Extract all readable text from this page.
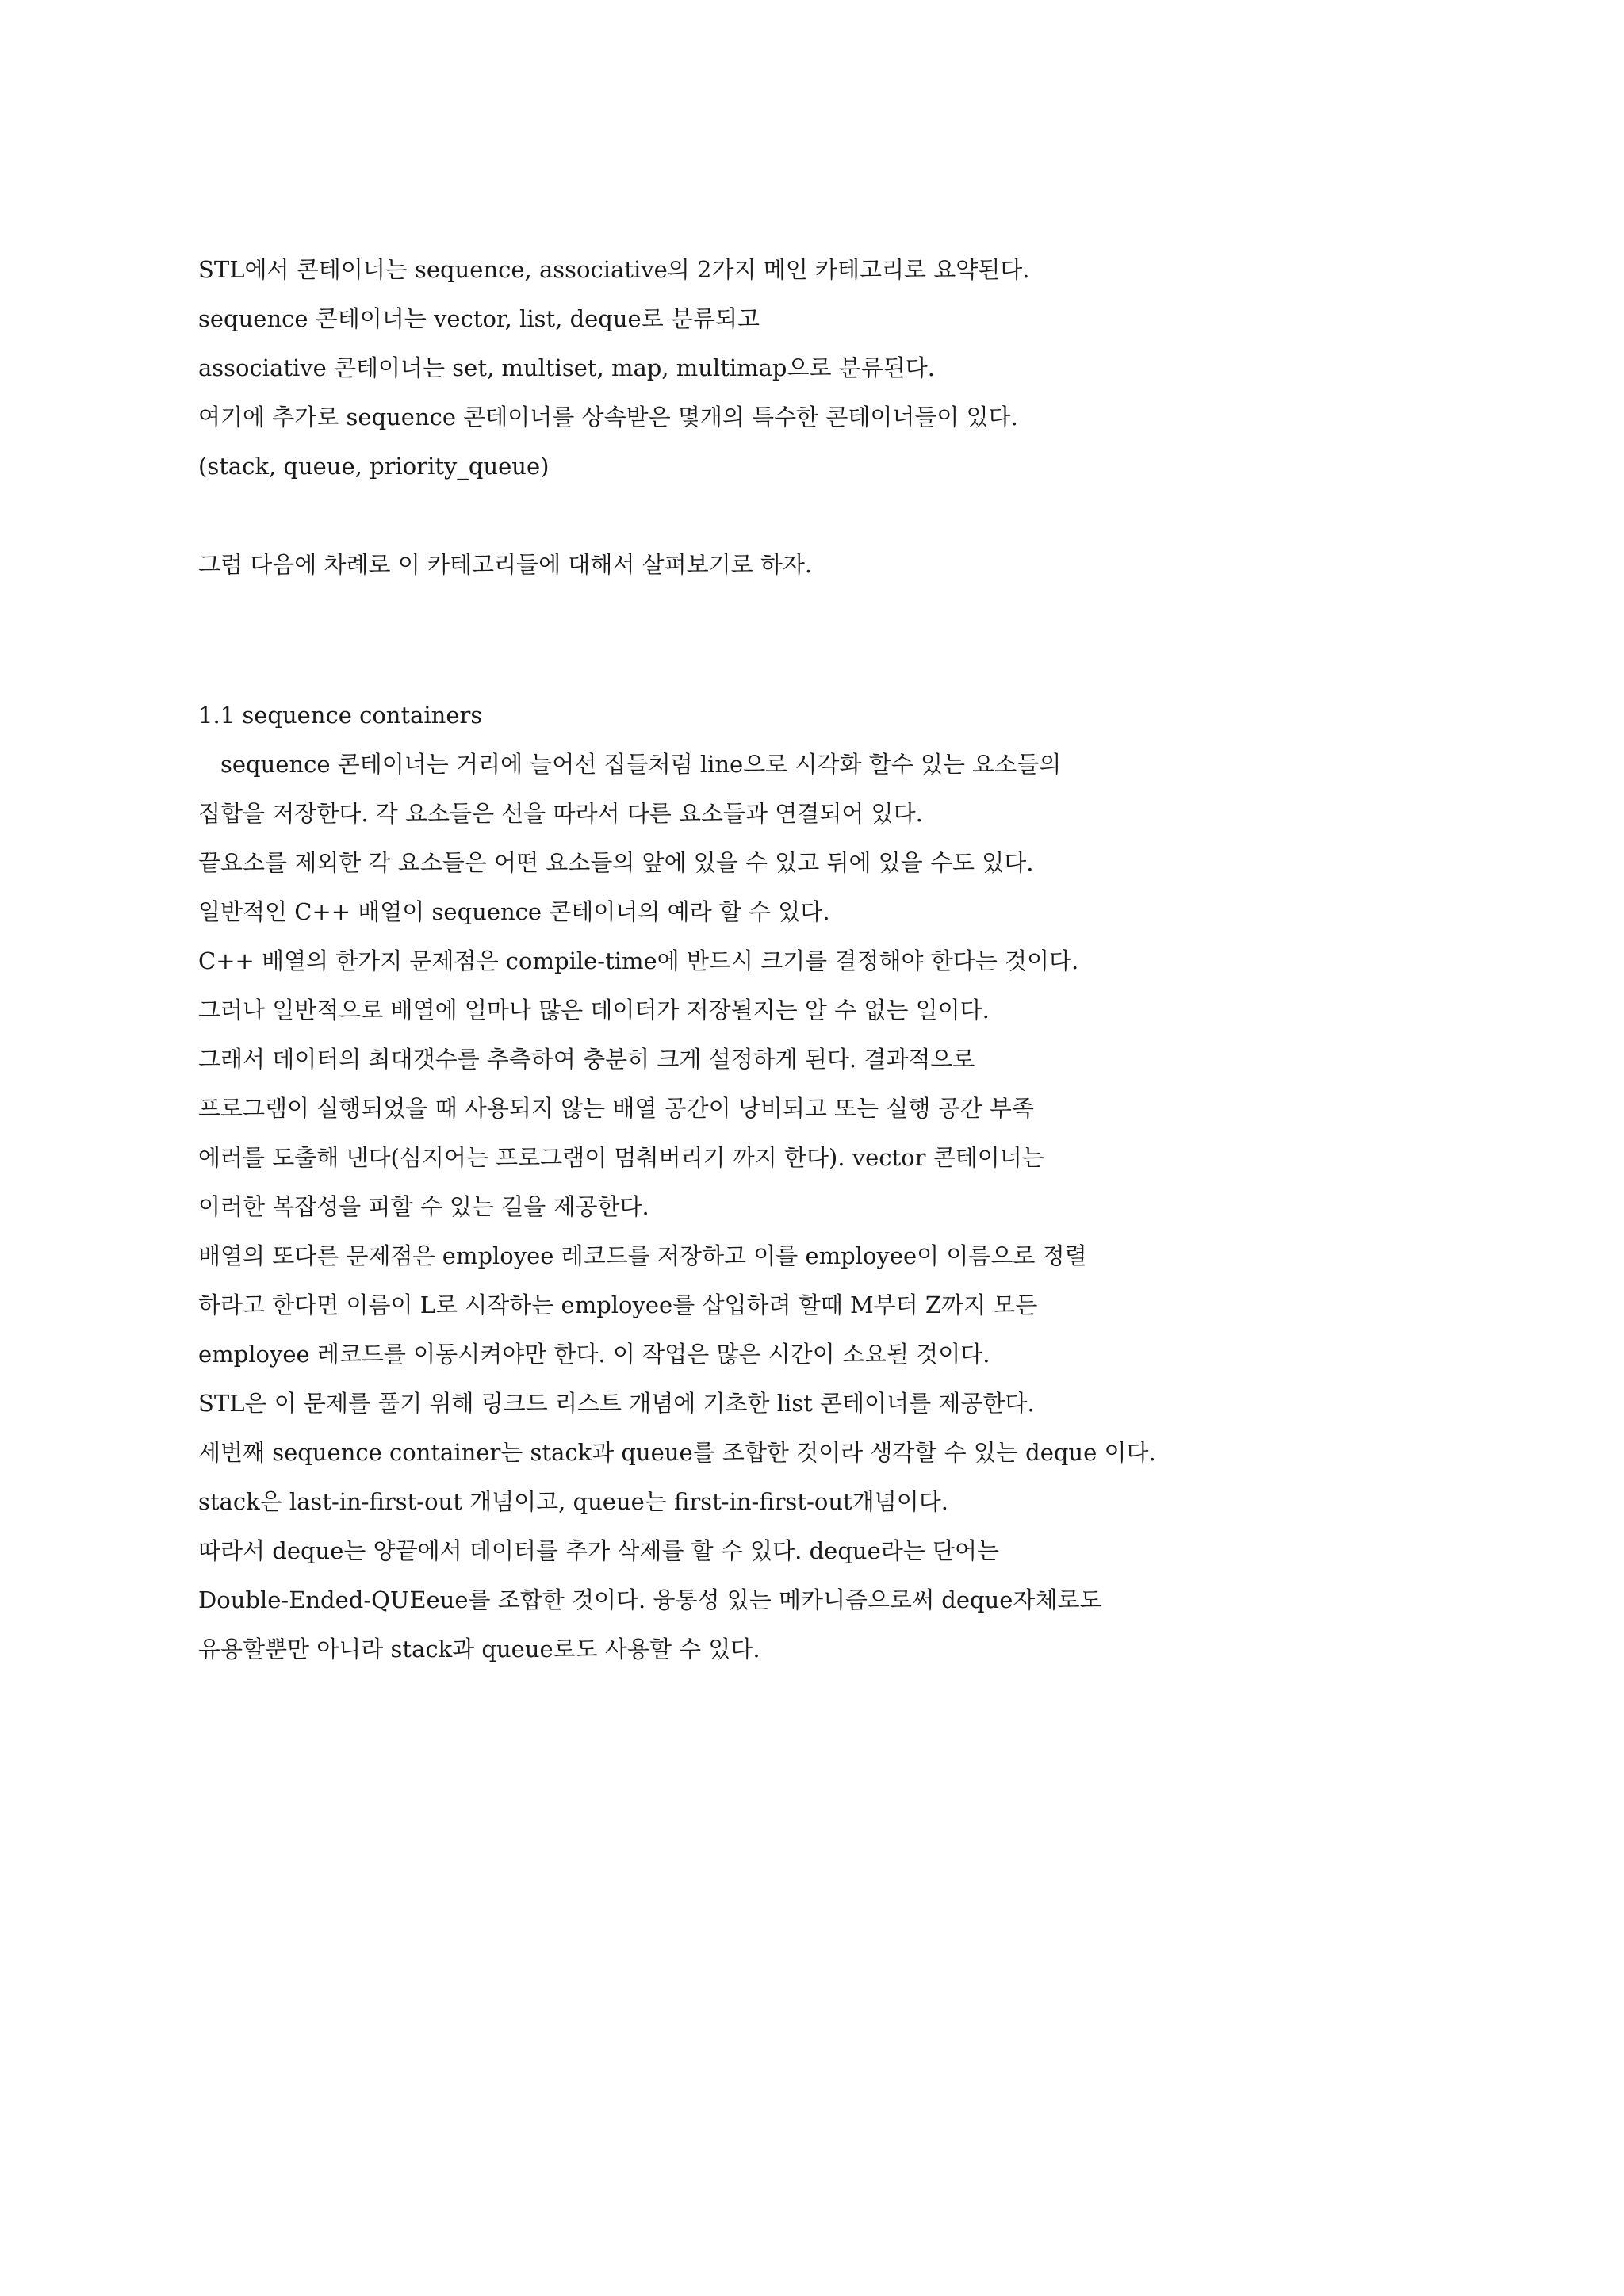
STL에서 콘테이너는 sequence, associative의 2가지 메인 카테고리로 요약된다.

sequence 콘테이너는 vector, list, deque로 분류되고

associative 콘테이너는 set, multiset, map, multimap으로 분류된다.

여기에 추가로 sequence 콘테이너를 상속받은 몇개의 특수한 콘테이너들이 있다.

(stack, queue, priority_queue)

그럼 다음에 차례로 이 카테고리들에 대해서 살펴보기로 하자.

1.1 sequence containers

sequence 콘테이너는 거리에 늘어선 집들처럼 line으로 시각화 할수 있는 요소들의

집합을 저장한다. 각 요소들은 선을 따라서 다른 요소들과 연결되어 있다.

끝요소를 제외한 각 요소들은 어떤 요소들의 앞에 있을 수 있고 뒤에 있을 수도 있다.

일반적인 C++ 배열이 sequence 콘테이너의 예라 할 수 있다.

C++ 배열의 한가지 문제점은 compile-time에 반드시 크기를 결정해야 한다는 것이다.

그러나 일반적으로 배열에 얼마나 많은 데이터가 저장될지는 알 수 없는 일이다.

그래서 데이터의 최대갯수를 추측하여 충분히 크게 설정하게 된다. 결과적으로

프로그램이 실행되었을 때 사용되지 않는 배열 공간이 낭비되고 또는 실행 공간 부족

에러를 도출해 낸다(심지어는 프로그램이 멈춰버리기 까지 한다). vector 콘테이너는

이러한 복잡성을 피할 수 있는 길을 제공한다.

배열의 또다른 문제점은 employee 레코드를 저장하고 이를 employee이 이름으로 정렬

하라고 한다면 이름이 L로 시작하는 employee를 삽입하려 할때 M부터 Z까지 모든

employee 레코드를 이동시켜야만 한다. 이 작업은 많은 시간이 소요될 것이다.

STL은 이 문제를 풀기 위해 링크드 리스트 개념에 기초한 list 콘테이너를 제공한다.

세번째 sequence container는 stack과 queue를 조합한 것이라 생각할 수 있는 deque 이다.

stack은 last-in-first-out 개념이고, queue는 first-in-first-out개념이다.

따라서 deque는 양끝에서 데이터를 추가 삭제를 할 수 있다. deque라는 단어는

Double-Ended-QUEeue를 조합한 것이다. 융통성 있는 메카니즘으로써 deque자체로도

유용할뿐만 아니라 stack과 queue로도 사용할 수 있다.
